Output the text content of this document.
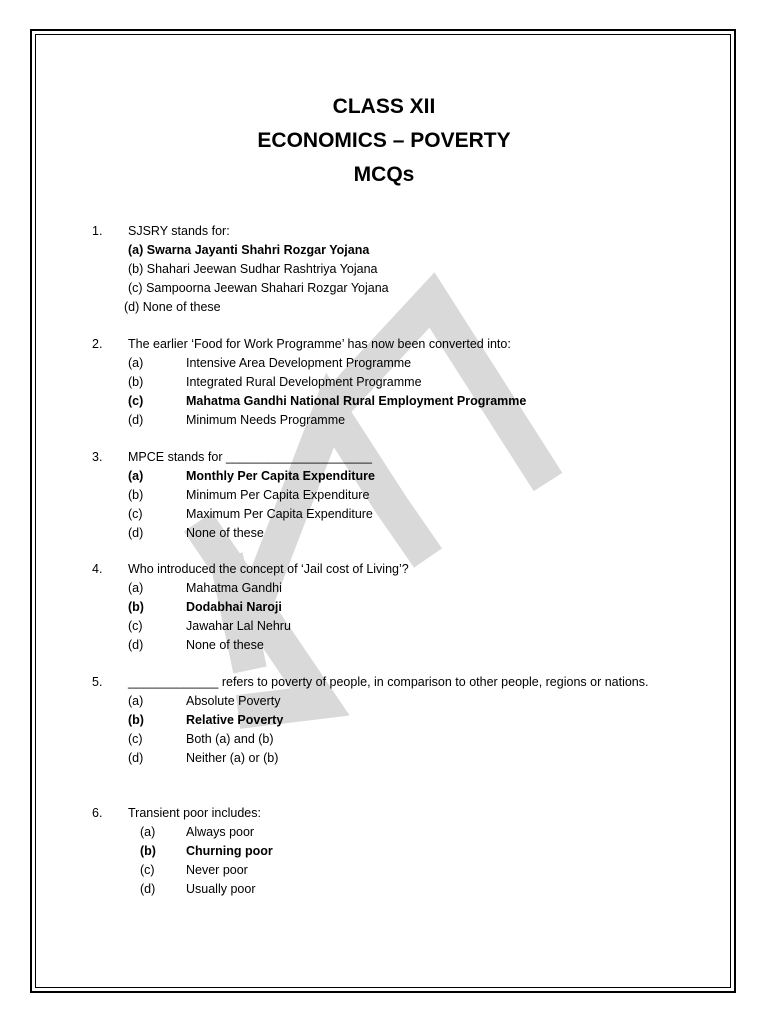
CLASS XII
ECONOMICS – POVERTY
MCQs
1. SJSRY stands for:
(a) Swarna Jayanti Shahri Rozgar Yojana
(b) Shahari Jeewan Sudhar Rashtriya Yojana
(c) Sampoorna Jeewan Shahari Rozgar Yojana
(d) None of these
2. The earlier ‘Food for Work Programme’ has now been converted into:
(a)	Intensive Area Development Programme
(b)	Integrated Rural Development Programme
(c)	Mahatma Gandhi National Rural Employment Programme
(d)	Minimum Needs Programme
3. MPCE stands for _____________________
(a)	Monthly Per Capita Expenditure
(b)	Minimum Per Capita Expenditure
(c)	Maximum Per Capita Expenditure
(d)	None of these
4. Who introduced the concept of ‘Jail cost of Living’?
(a)	Mahatma Gandhi
(b)	Dodabhai Naroji
(c)	Jawahar Lal Nehru
(d)	None of these
5. _____________ refers to poverty of people, in comparison to other people, regions or nations.
(a)	Absolute Poverty
(b)	Relative Poverty
(c)	Both (a) and (b)
(d)	Neither (a) or (b)
6. Transient poor includes:
(a) Always poor
(b) Churning poor
(c)	Never poor
(d) Usually poor
